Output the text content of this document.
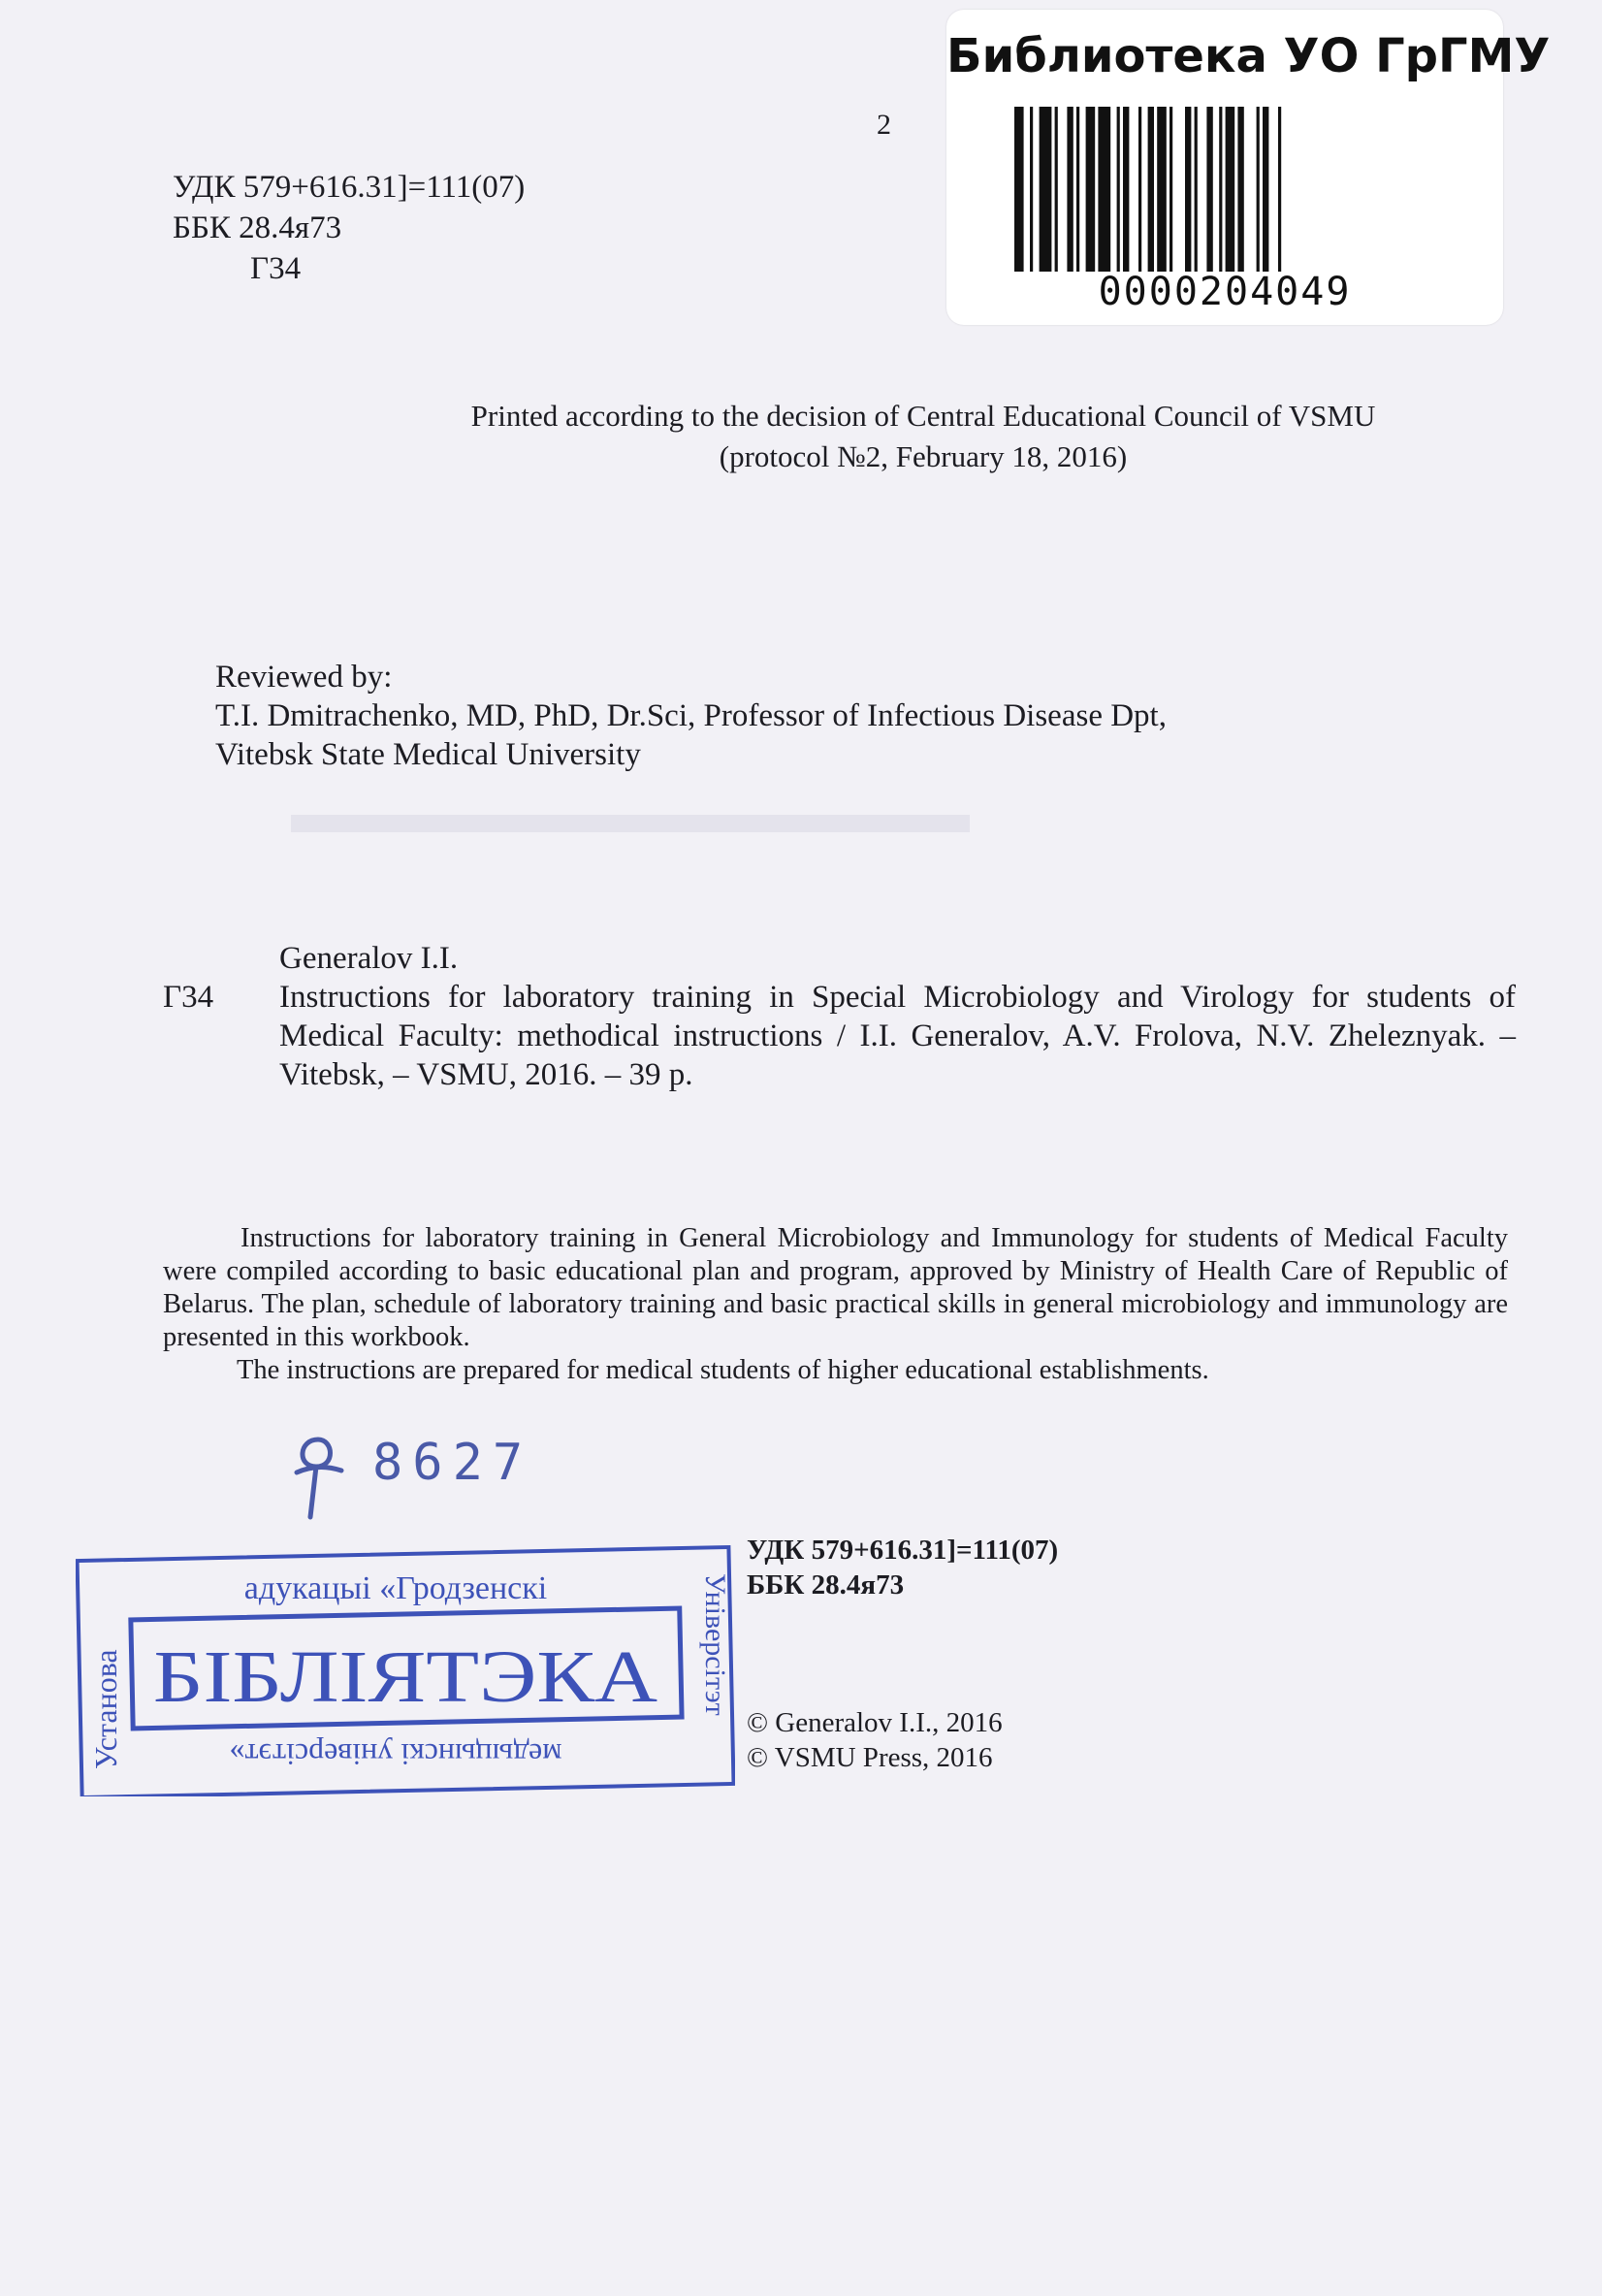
2
УДК 579+616.31]=111(07)
ББК 28.4я73
Г34
Printed according to the decision of Central Educational Council of VSMU
(protocol №2, February 18, 2016)
Reviewed by:
T.I. Dmitrachenko, MD, PhD, Dr.Sci, Professor of Infectious Disease Dpt,
Vitebsk State Medical University
Generalov I.I.
Г34	Instructions for laboratory training in Special Microbiology and Virology for students of Medical Faculty: methodical instructions / I.I. Generalov, A.V. Frolova, N.V. Zheleznyak. – Vitebsk, – VSMU, 2016. – 39 p.
Instructions for laboratory training in General Microbiology and Immunology for students of Medical Faculty were compiled according to basic educational plan and program, approved by Ministry of Health Care of Republic of Belarus. The plan, schedule of laboratory training and basic practical skills in general microbiology and immunology are presented in this workbook.
The instructions are prepared for medical students of higher educational establishments.
8627
УДК 579+616.31]=111(07)
ББК 28.4я73
© Generalov I.I., 2016
© VSMU Press, 2016
адукацыі «Гродзенскі
БІБЛІЯТЭКА
медыцынскі універсітэт»
Установа	Універсітэт
Библиотека УО ГрГМУ
0000204049
